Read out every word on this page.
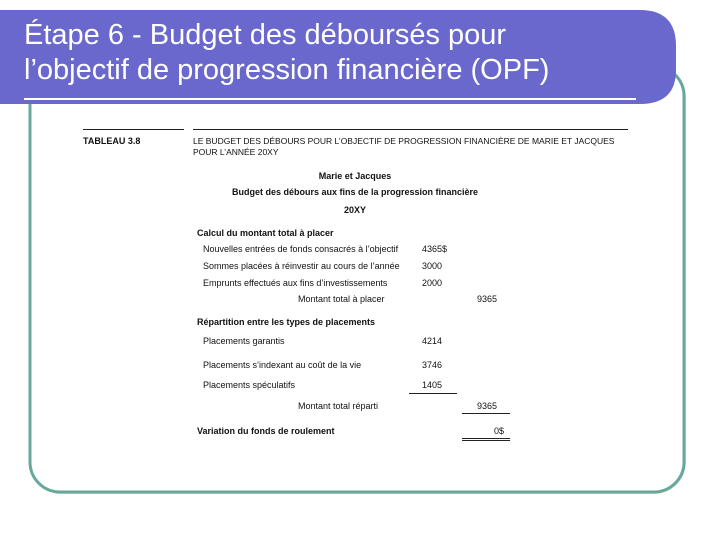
Étape 6 - Budget des déboursés pour
l’objectif de progression financière (OPF)
TABLEAU 3.8	LE BUDGET DES DÉBOURS POUR L’OBJECTIF DE PROGRESSION FINANCIÈRE DE MARIE ET JACQUES
POUR L’ANNÉE 20XY
Marie et Jacques
Budget des débours aux fins de la progression financière
20XY
Calcul du montant total à placer
Nouvelles entrées de fonds consacrés à l’objectif	4365$
Sommes placées à réinvestir au cours de l’année 3000
Emprunts effectués aux fins d’investissements	2000
Montant total à placer	9365
Répartition entre les types de placements
Placements garantis	4214
Placements s’indexant au coût de la vie	3746
Placements spéculatifs	1405
Montant total réparti	9365
Variation du fonds de roulement	0$
